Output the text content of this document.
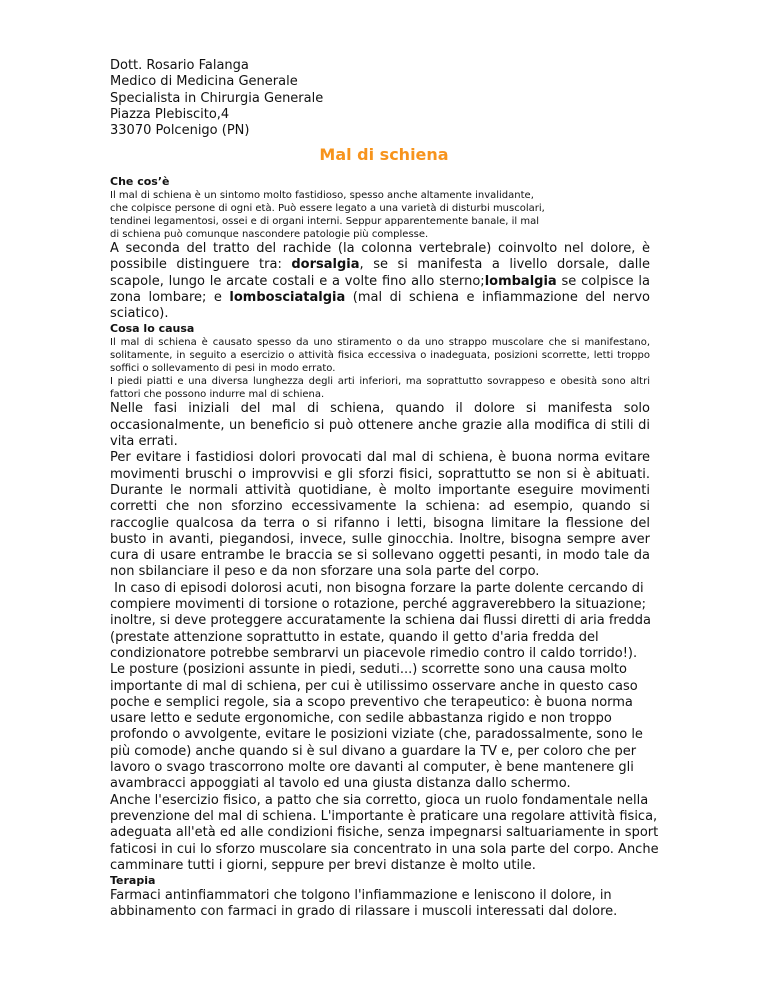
Dott. Rosario Falanga
Medico di Medicina Generale
Specialista in Chirurgia Generale
Piazza Plebiscito,4
33070 Polcenigo (PN)
Mal di schiena
Che cos’è
Il mal di schiena è un sintomo molto fastidioso, spesso anche altamente invalidante,
che colpisce persone di ogni età. Può essere legato a una varietà di disturbi muscolari,
tendinei legamentosi, ossei e di organi interni. Seppur apparentemente banale, il mal
di schiena può comunque nascondere patologie più complesse.
A seconda del tratto del rachide (la colonna vertebrale) coinvolto nel dolore, è possibile distinguere tra: dorsalgia, se si manifesta a livello dorsale, dalle scapole, lungo le arcate costali e a volte fino allo sterno;lombalgia se colpisce la zona lombare; e lombosciatalgia (mal di schiena e infiammazione del nervo sciatico).
Cosa lo causa
Il mal di schiena è causato spesso da uno stiramento o da uno strappo muscolare che si manifestano, solitamente, in seguito a esercizio o attività fisica eccessiva o inadeguata, posizioni scorrette, letti troppo soffici o sollevamento di pesi in modo errato.
I piedi piatti e una diversa lunghezza degli arti inferiori, ma soprattutto sovrappeso e obesità sono altri fattori che possono indurre mal di schiena.
Nelle fasi iniziali del mal di schiena, quando il dolore si manifesta solo occasionalmente, un beneficio si può ottenere anche grazie alla modifica di stili di vita errati.
Per evitare i fastidiosi dolori provocati dal mal di schiena, è buona norma evitare movimenti bruschi o improvvisi e gli sforzi fisici, soprattutto se non si è abituati. Durante le normali attività quotidiane, è molto importante eseguire movimenti corretti che non sforzino eccessivamente la schiena: ad esempio, quando si raccoglie qualcosa da terra o si rifanno i letti, bisogna limitare la flessione del busto in avanti, piegandosi, invece, sulle ginocchia. Inoltre, bisogna sempre aver cura di usare entrambe le braccia se si sollevano oggetti pesanti, in modo tale da non sbilanciare il peso e da non sforzare una sola parte del corpo.
In caso di episodi dolorosi acuti, non bisogna forzare la parte dolente cercando di
compiere movimenti di torsione o rotazione, perché aggraverebbero la situazione;
inoltre, si deve proteggere accuratamente la schiena dai flussi diretti di aria fredda
(prestate attenzione soprattutto in estate, quando il getto d'aria fredda del
condizionatore potrebbe sembrarvi un piacevole rimedio contro il caldo torrido!).
Le posture (posizioni assunte in piedi, seduti...) scorrette sono una causa molto
importante di mal di schiena, per cui è utilissimo osservare anche in questo caso
poche e semplici regole, sia a scopo preventivo che terapeutico: è buona norma
usare letto e sedute ergonomiche, con sedile abbastanza rigido e non troppo
profondo o avvolgente, evitare le posizioni viziate (che, paradossalmente, sono le
più comode) anche quando si è sul divano a guardare la TV e, per coloro che per
lavoro o svago trascorrono molte ore davanti al computer, è bene mantenere gli
avambracci appoggiati al tavolo ed una giusta distanza dallo schermo.
Anche l'esercizio fisico, a patto che sia corretto, gioca un ruolo fondamentale nella
prevenzione del mal di schiena. L'importante è praticare una regolare attività fisica,
adeguata all'età ed alle condizioni fisiche, senza impegnarsi saltuariamente in sport
faticosi in cui lo sforzo muscolare sia concentrato in una sola parte del corpo. Anche
camminare tutti i giorni, seppure per brevi distanze è molto utile.
Terapia
Farmaci antinfiammatori che tolgono l'infiammazione e leniscono il dolore, in
abbinamento con farmaci in grado di rilassare i muscoli interessati dal dolore.
